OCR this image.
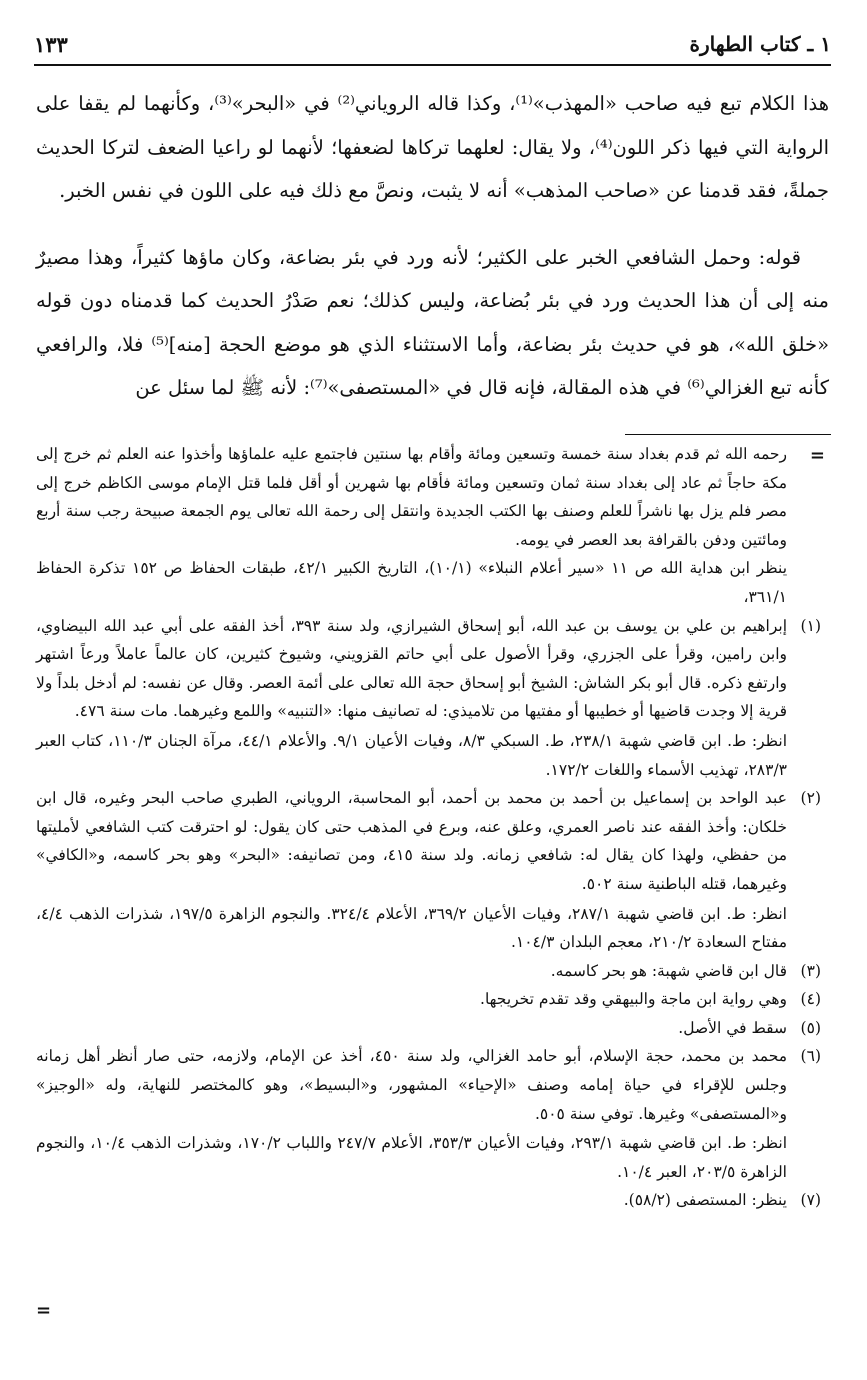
١ ـ كتاب الطهارة
١٣٣

هذا الكلام تبع فيه صاحب «المهذب»⁽¹⁾، وكذا قاله الروياني⁽²⁾ في «البحر»⁽³⁾، وكأنهما لم يقفا على الرواية التي فيها ذكر اللون⁽⁴⁾، ولا يقال: لعلهما تركاها لضعفها؛ لأنهما لو راعيا الضعف لتركا الحديث جملةً، فقد قدمنا عن «صاحب المذهب» أنه لا يثبت، ونصَّ مع ذلك فيه على اللون في نفس الخبر.

قوله: وحمل الشافعي الخبر على الكثير؛ لأنه ورد في بئر بضاعة، وكان ماؤها كثيراً، وهذا مصيرٌ منه إلى أن هذا الحديث ورد في بئر بُضاعة، وليس كذلك؛ نعم صَدْرُ الحديث كما قدمناه دون قوله «خلق الله»، هو في حديث بئر بضاعة، وأما الاستثناء الذي هو موضع الحجة [منه]⁽⁵⁾ فلا، والرافعي كأنه تبع الغزالي⁽⁶⁾ في هذه المقالة، فإنه قال في «المستصفى»⁽⁷⁾: لأنه ﷺ لما سئل عن

=

رحمه الله ثم قدم بغداد سنة خمسة وتسعين ومائة وأقام بها سنتين فاجتمع عليه علماؤها وأخذوا عنه العلم ثم خرج إلى مكة حاجاً ثم عاد إلى بغداد سنة ثمان وتسعين ومائة فأقام بها شهرين أو أقل فلما قتل الإمام موسى الكاظم خرج إلى مصر فلم يزل بها ناشراً للعلم وصنف بها الكتب الجديدة وانتقل إلى رحمة الله تعالى يوم الجمعة صبيحة رجب سنة أربع ومائتين ودفن بالقرافة بعد العصر في يومه.

ينظر ابن هداية الله ص ١١ «سير أعلام النبلاء» (١٠/١)، التاريخ الكبير ٤٢/١، طبقات الحفاظ ص ١٥٢ تذكرة الحفاظ ٣٦١/١،

(١)

إبراهيم بن علي بن يوسف بن عبد الله، أبو إسحاق الشيرازي، ولد سنة ٣٩٣، أخذ الفقه على أبي عبد الله البيضاوي، وابن رامين، وقرأ على الجزري، وقرأ الأصول على أبي حاتم القزويني، وشيوخ كثيرين، كان عالماً عاملاً ورعاً اشتهر وارتفع ذكره. قال أبو بكر الشاش: الشيخ أبو إسحاق حجة الله تعالى على أئمة العصر. وقال عن نفسه: لم أدخل بلداً ولا قرية إلا وجدت قاضيها أو خطيبها أو مفتيها من تلاميذي: له تصانيف منها: «التنبيه» واللمع وغيرهما. مات سنة ٤٧٦.

انظر: ط. ابن قاضي شهبة ٢٣٨/١، ط. السبكي ٨/٣، وفيات الأعيان ٩/١. والأعلام ٤٤/١، مرآة الجنان ١١٠/٣، كتاب العبر ٢٨٣/٣، تهذيب الأسماء واللغات ١٧٢/٢.

(٢)

عبد الواحد بن إسماعيل بن أحمد بن محمد بن أحمد، أبو المحاسبة، الروياني، الطبري صاحب البحر وغيره، قال ابن خلكان: وأخذ الفقه عند ناصر العمري، وعلق عنه، وبرع في المذهب حتى كان يقول: لو احترقت كتب الشافعي لأمليتها من حفظي، ولهذا كان يقال له: شافعي زمانه. ولد سنة ٤١٥، ومن تصانيفه: «البحر» وهو بحر كاسمه، و«الكافي» وغيرهما، قتله الباطنية سنة ٥٠٢.

انظر: ط. ابن قاضي شهبة ٢٨٧/١، وفيات الأعيان ٣٦٩/٢، الأعلام ٣٢٤/٤. والنجوم الزاهرة ١٩٧/٥، شذرات الذهب ٤/٤، مفتاح السعادة ٢١٠/٢، معجم البلدان ١٠٤/٣.

(٣)

قال ابن قاضي شهبة: هو بحر كاسمه.

(٤)

وهي رواية ابن ماجة والبيهقي وقد تقدم تخريجها.

(٥)

سقط في الأصل.

(٦)

محمد بن محمد، حجة الإسلام، أبو حامد الغزالي، ولد سنة ٤٥٠، أخذ عن الإمام، ولازمه، حتى صار أنظر أهل زمانه وجلس للإقراء في حياة إمامه وصنف «الإحياء» المشهور، و«البسيط»، وهو كالمختصر للنهاية، وله «الوجيز» و«المستصفى» وغيرها. توفي سنة ٥٠٥.

انظر: ط. ابن قاضي شهبة ٢٩٣/١، وفيات الأعيان ٣٥٣/٣، الأعلام ٢٤٧/٧ واللباب ١٧٠/٢، وشذرات الذهب ١٠/٤، والنجوم الزاهرة ٢٠٣/٥، العبر ١٠/٤.

(٧)

ينظر: المستصفى (٥٨/٢).

=
